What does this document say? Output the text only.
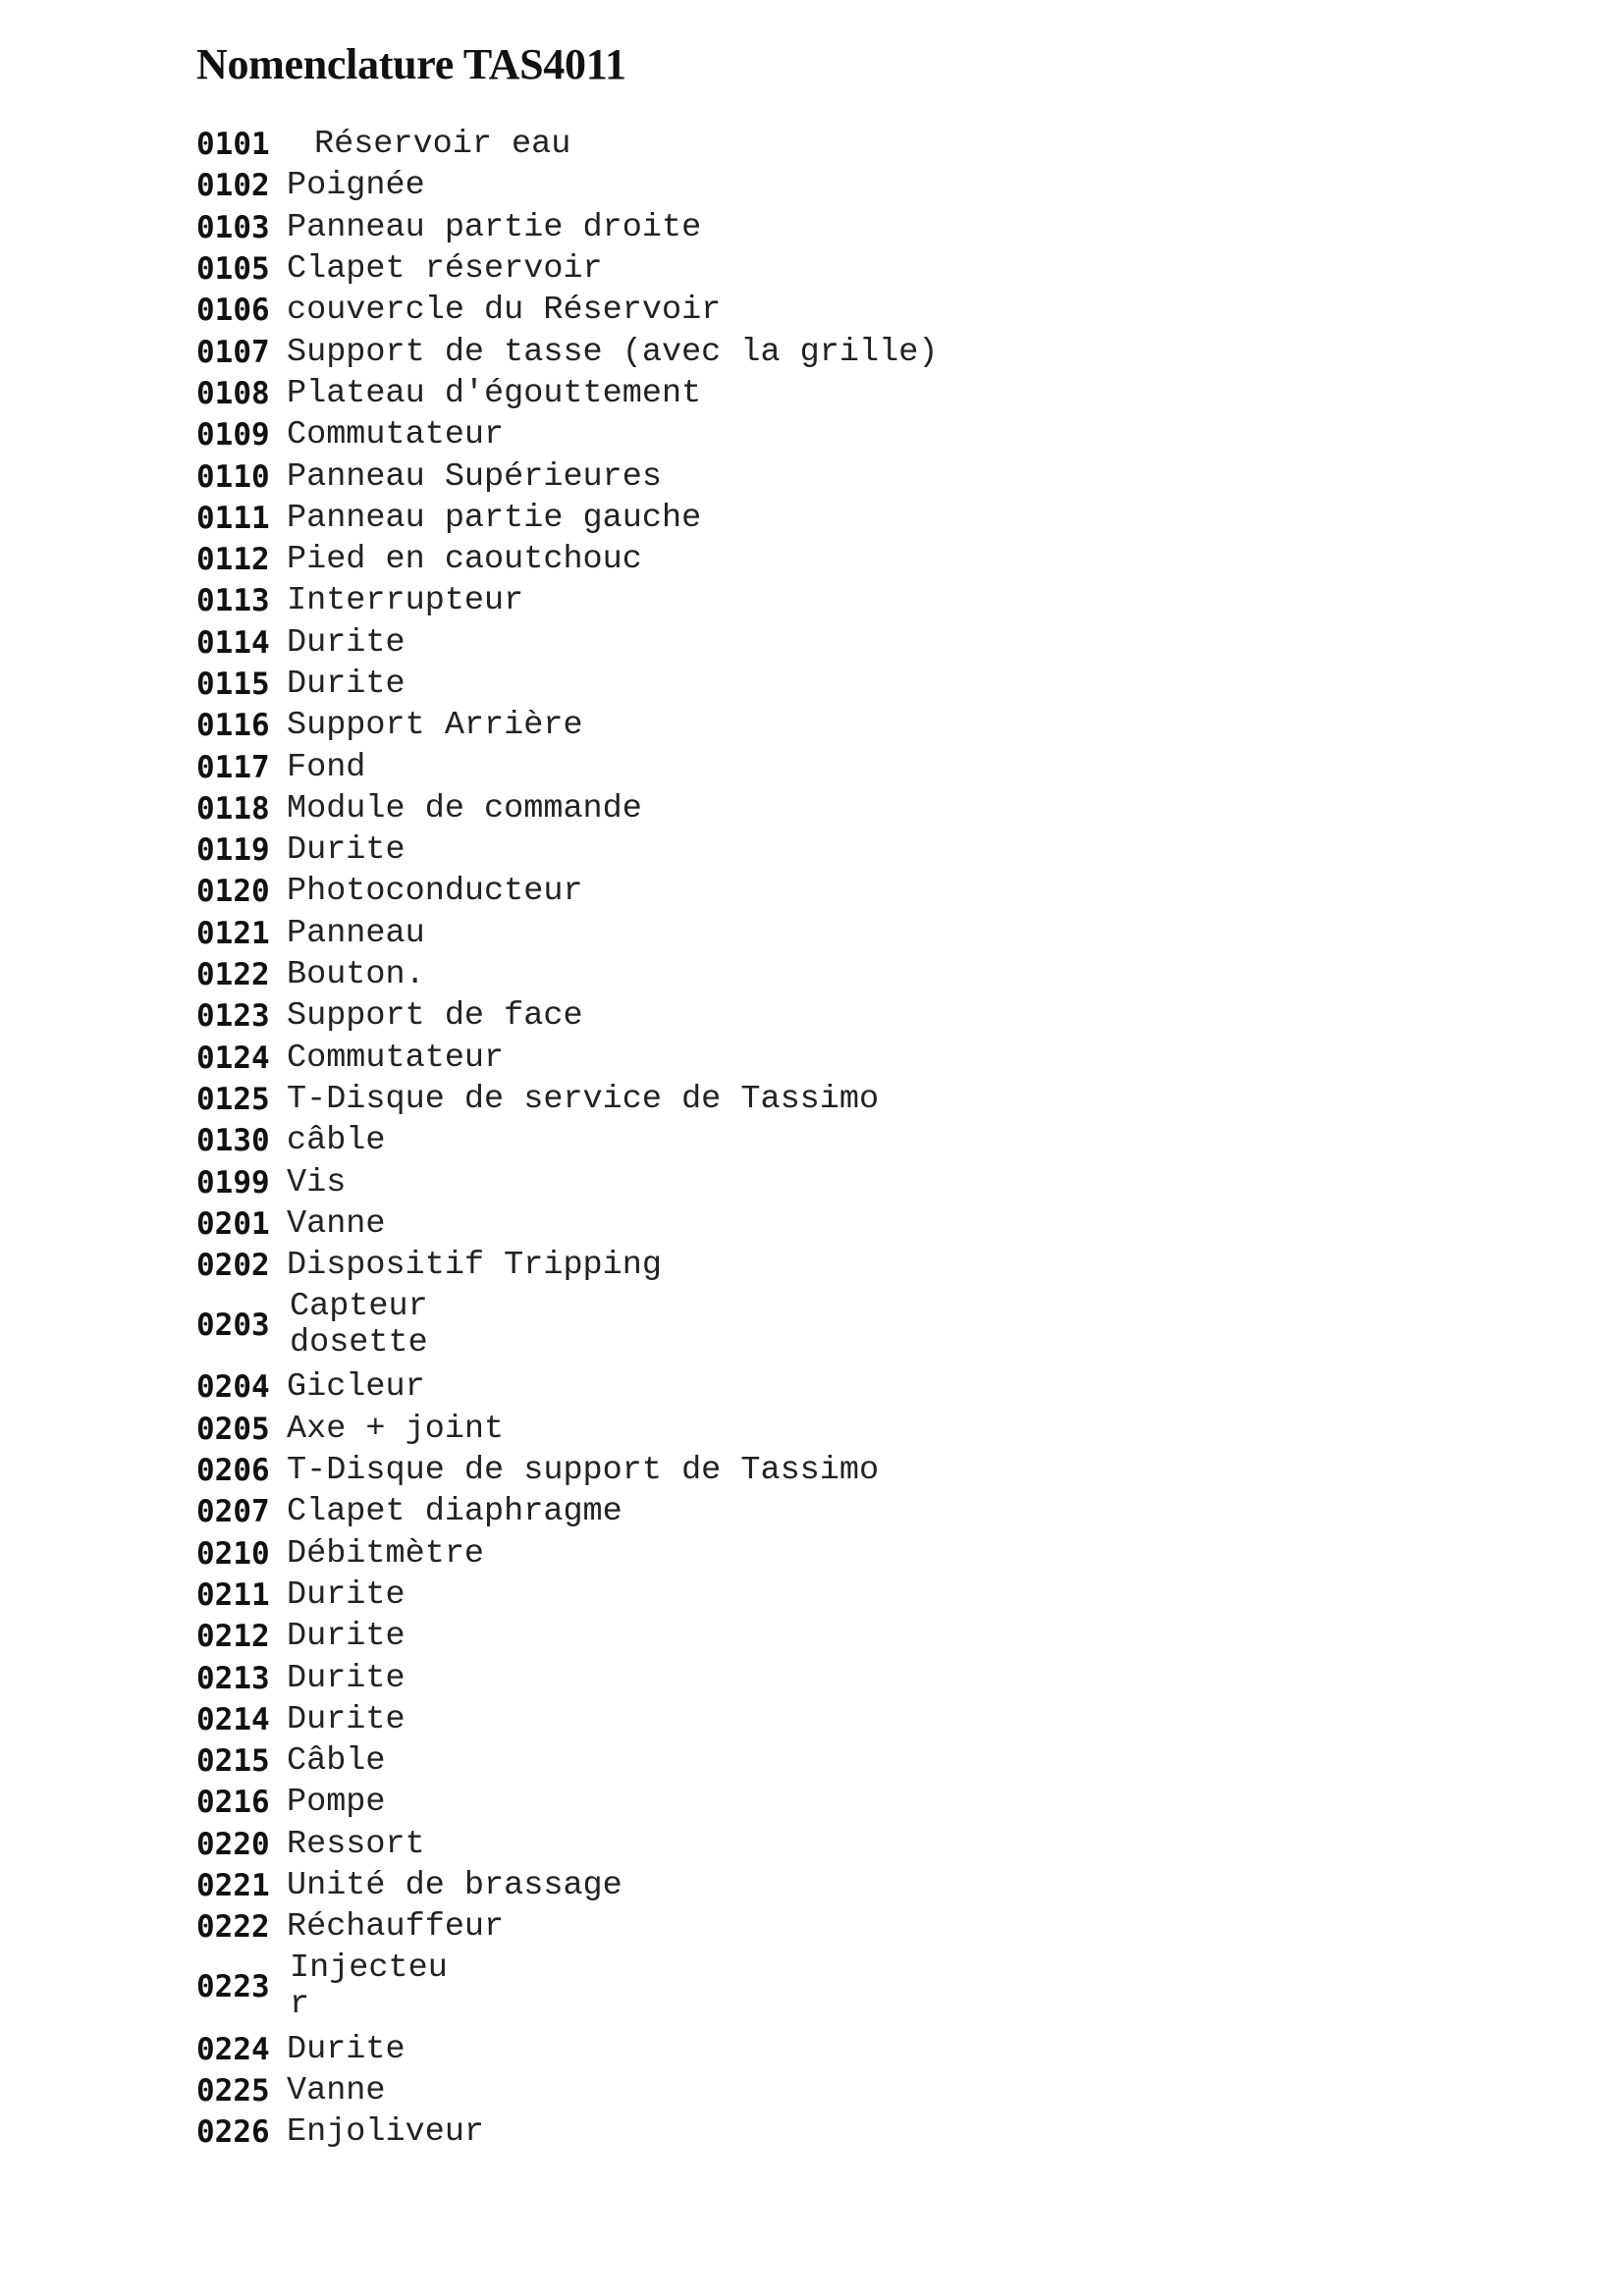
Nomenclature TAS4011
0101	Réservoir eau
0102 Poignée
0103 Panneau partie droite
0105 Clapet réservoir
0106 couvercle du Réservoir
0107 Support de tasse (avec la grille)
0108 Plateau d'égouttement
0109 Commutateur
0110 Panneau Supérieures
0111 Panneau partie gauche
0112 Pied en caoutchouc
0113 Interrupteur
0114 Durite
0115 Durite
0116 Support Arrière
0117 Fond
0118 Module de commande
0119 Durite
0120 Photoconducteur
0121 Panneau
0122 Bouton.
0123 Support de face
0124 Commutateur
0125 T-Disque de service de Tassimo
0130 câble
0199 Vis
0201 Vanne
0202 Dispositif Tripping
0203 Capteur
dosette
0204 Gicleur
0205 Axe + joint
0206 T-Disque de support de Tassimo
0207 Clapet diaphragme
0210 Débitmètre
0211 Durite
0212 Durite
0213 Durite
0214 Durite
0215 Câble
0216 Pompe
0220 Ressort
0221 Unité de brassage
0222 Réchauffeur
0223 Injecteu
r
0224 Durite
0225 Vanne
0226 Enjoliveur
